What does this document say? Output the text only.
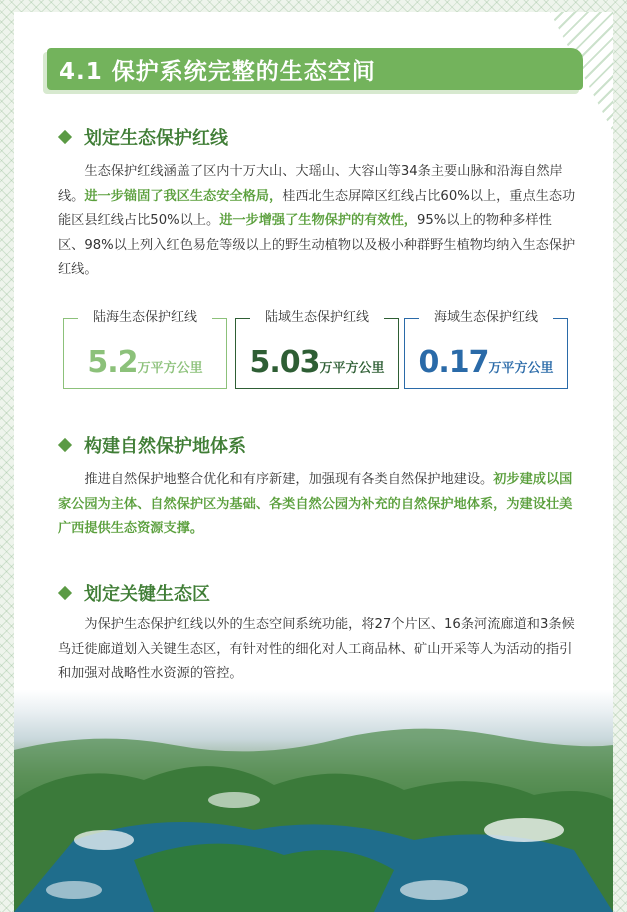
4.1 保护系统完整的生态空间
划定生态保护红线

生态保护红线涵盖了区内十万大山、大瑶山、大容山等34条主要山脉和沿海自然岸线。进一步锚固了我区生态安全格局，桂西北生态屏障区红线占比60%以上，重点生态功能区县红线占比50%以上。进一步增强了生物保护的有效性，95%以上的物种多样性区、98%以上列入红色易危等级以上的野生动植物以及极小种群野生植物均纳入生态保护红线。

陆海生态保护红线
5.2万平方公里
陆域生态保护红线
5.03万平方公里
海域生态保护红线
0.17万平方公里
构建自然保护地体系

推进自然保护地整合优化和有序新建，加强现有各类自然保护地建设。初步建成以国家公园为主体、自然保护区为基础、各类自然公园为补充的自然保护地体系，为建设壮美广西提供生态资源支撑。

划定关键生态区

为保护生态保护红线以外的生态空间系统功能，将27个片区、16条河流廊道和3条候鸟迁徙廊道划入关键生态区，有针对性的细化对人工商品林、矿山开采等人为活动的指引和加强对战略性水资源的管控。
